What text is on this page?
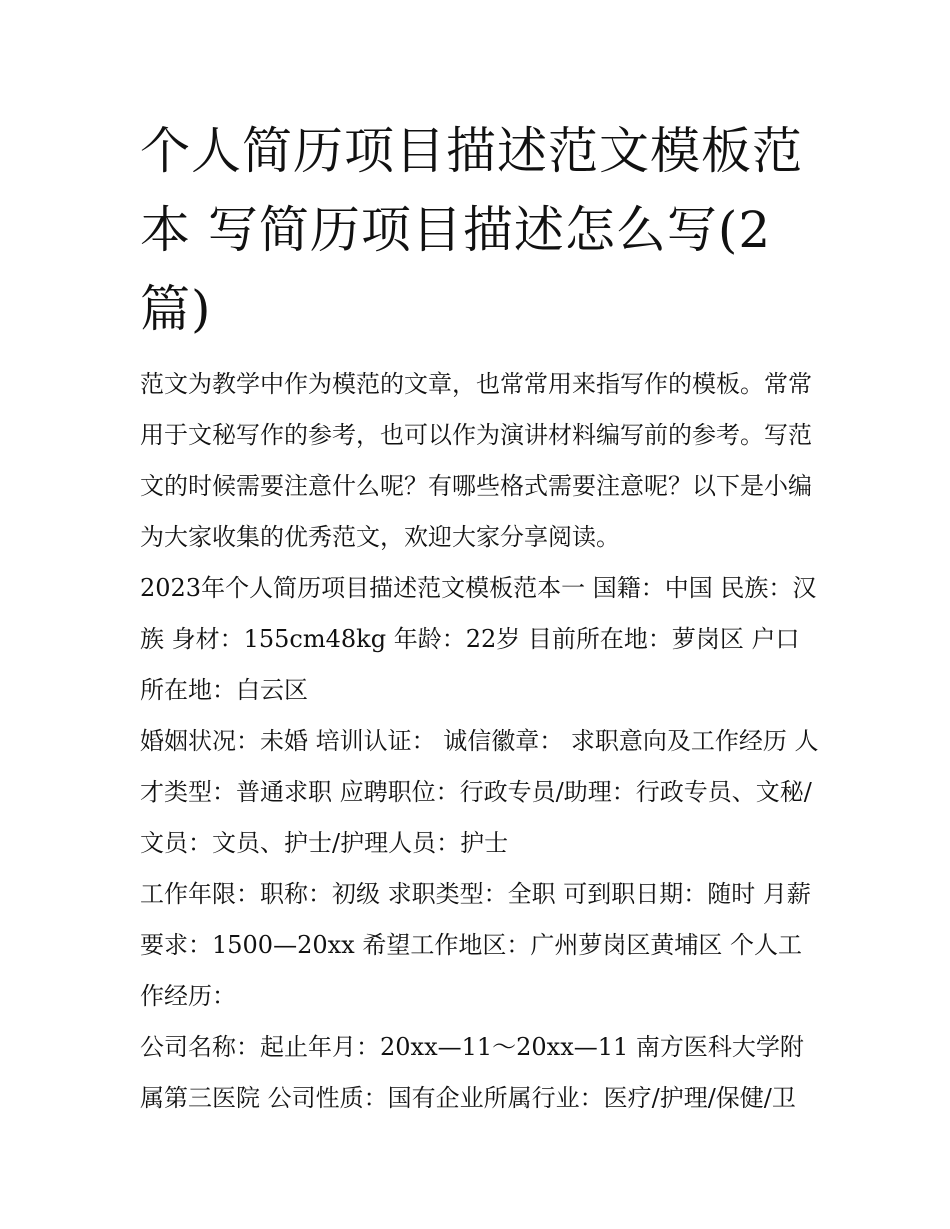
个人简历项目描述范文模板范本 写简历项目描述怎么写(2篇)

范文为教学中作为模范的文章，也常常用来指写作的模板。常常用于文秘写作的参考，也可以作为演讲材料编写前的参考。写范文的时候需要注意什么呢？有哪些格式需要注意呢？以下是小编为大家收集的优秀范文，欢迎大家分享阅读。

2023年个人简历项目描述范文模板范本一 国籍：中国 民族：汉族 身材：155cm48kg 年龄：22岁 目前所在地：萝岗区 户口所在地：白云区

婚姻状况：未婚 培训认证： 诚信徽章： 求职意向及工作经历 人才类型：普通求职 应聘职位：行政专员/助理：行政专员、文秘/文员：文员、护士/护理人员：护士

工作年限：职称：初级 求职类型：全职 可到职日期：随时 月薪要求：1500—20xx 希望工作地区：广州萝岗区黄埔区 个人工作经历：

公司名称：起止年月：20xx—11～20xx—11 南方医科大学附属第三医院 公司性质：国有企业所属行业：医疗/护理/保健/卫
